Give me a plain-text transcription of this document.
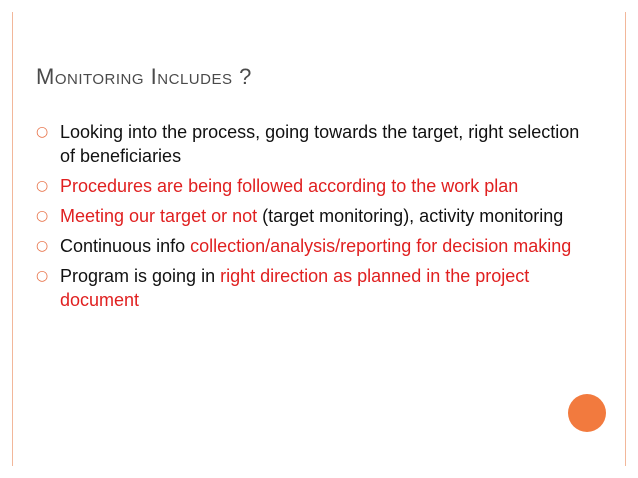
Monitoring Includes ?
○ Looking into the process, going towards the target, right selection of beneficiaries
○ Procedures are being followed according to the work plan
○ Meeting our target or not (target monitoring), activity monitoring
○ Continuous info collection/analysis/reporting for decision making
○ Program is going in right direction as planned in the project document
